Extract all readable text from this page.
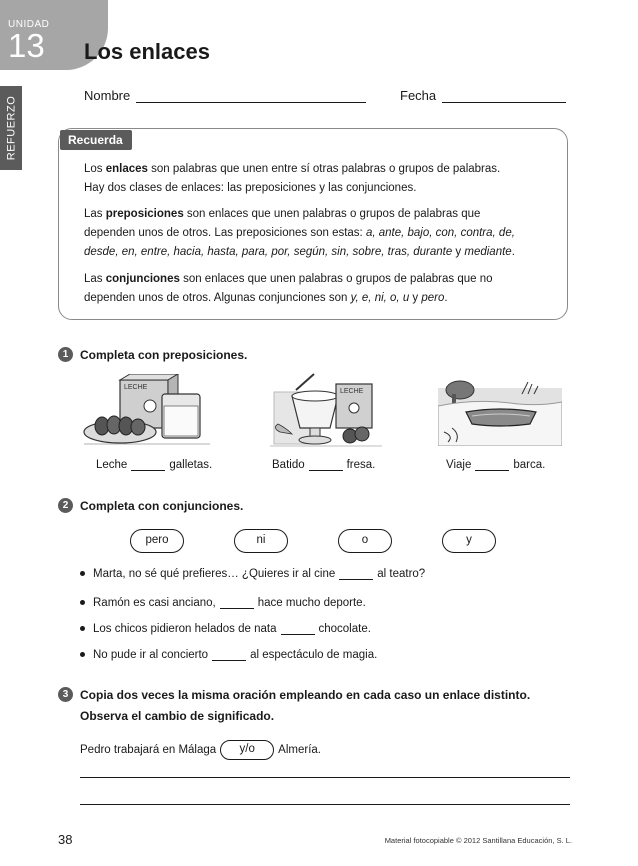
UNIDAD
13
REFUERZO
Los enlaces
Nombre	Fecha
Recuerda
Los enlaces son palabras que unen entre sí otras palabras o grupos de palabras.
Hay dos clases de enlaces: las preposiciones y las conjunciones.
Las preposiciones son enlaces que unen palabras o grupos de palabras que
dependen unos de otros. Las preposiciones son estas: a, ante, bajo, con, contra, de,
desde, en, entre, hacia, hasta, para, por, según, sin, sobre, tras, durante y mediante.
Las conjunciones son enlaces que unen palabras o grupos de palabras que no
dependen unos de otros. Algunas conjunciones son y, e, ni, o, u y pero.
1 Completa con preposiciones.
LECHE
LECHE
Leche	galletas.	Batido	fresa.	Viaje	barca.
2 Completa con conjunciones.
pero	ni	o	y
Marta, no sé qué prefieres… ¿Quieres ir al cine	al teatro?
Ramón es casi anciano,	hace mucho deporte.
Los chicos pidieron helados de nata	chocolate.
No pude ir al concierto	al espectáculo de magia.
3 Copia dos veces la misma oración empleando en cada caso un enlace distinto.
Observa el cambio de significado.
Pedro trabajará en Málaga	y/o	Almería.
38	Material fotocopiable © 2012 Santillana Educación, S. L.
